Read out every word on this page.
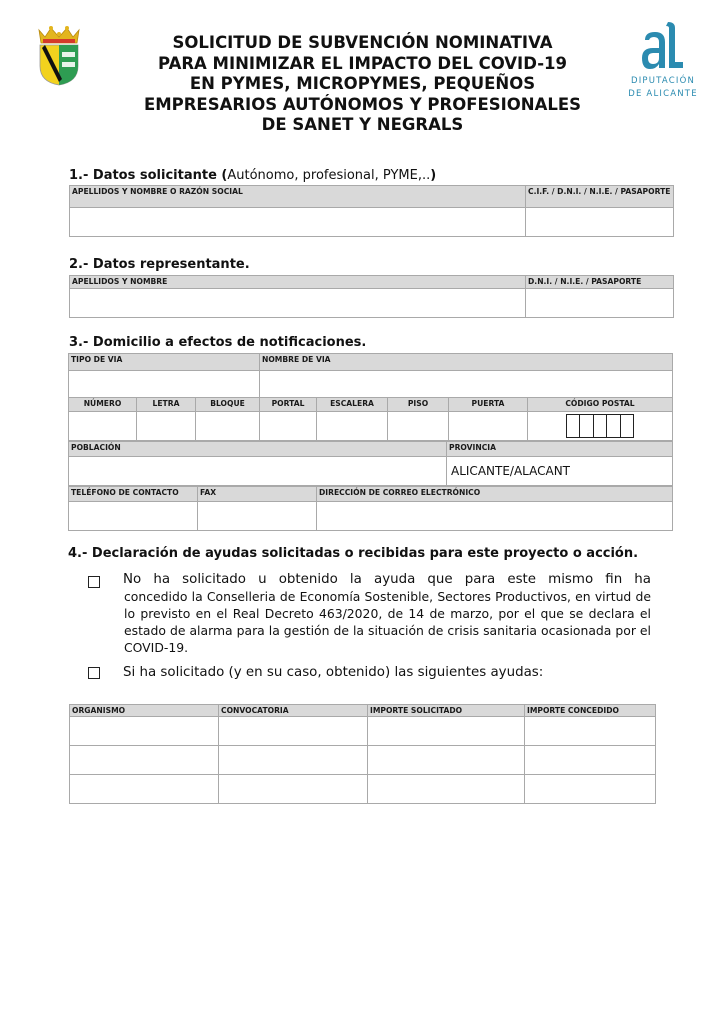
SOLICITUD DE SUBVENCIÓN NOMINATIVA
PARA MINIMIZAR EL IMPACTO DEL COVID-19
EN PYMES, MICROPYMES, PEQUEÑOS
EMPRESARIOS AUTÓNOMOS Y PROFESIONALES
DE SANET Y NEGRALS
DIPUTACIÓN
DE ALICANTE
1.- Datos solicitante (Autónomo, profesional, PYME,..)
APELLIDOS Y NOMBRE O RAZÓN SOCIAL	C.I.F. / D.N.I. / N.I.E. / PASAPORTE

2.- Datos representante.
APELLIDOS Y NOMBRE	D.N.I. / N.I.E. / PASAPORTE

3.- Domicilio a efectos de notificaciones.
TIPO DE VIA	NOMBRE DE VIA

NÚMERO	LETRA	BLOQUE	PORTAL	ESCALERA	PISO	PUERTA	CÓDIGO POSTAL

POBLACIÓN	PROVINCIA
	ALICANTE/ALACANT
TELÉFONO DE CONTACTO	FAX	DIRECCIÓN DE CORREO ELECTRÓNICO

4.- Declaración de ayudas solicitadas o recibidas para este proyecto o acción.
No ha solicitado u obtenido la ayuda que para este mismo fin ha
concedido la Conselleria de Economía Sostenible, Sectores Productivos, en virtud de lo previsto en el Real Decreto 463/2020, de 14 de marzo, por el que se declara el estado de alarma para la gestión de la situación de crisis sanitaria ocasionada por el COVID-19.
Si ha solicitado (y en su caso, obtenido) las siguientes ayudas:
ORGANISMO	CONVOCATORIA	IMPORTE SOLICITADO	IMPORTE CONCEDIDO
